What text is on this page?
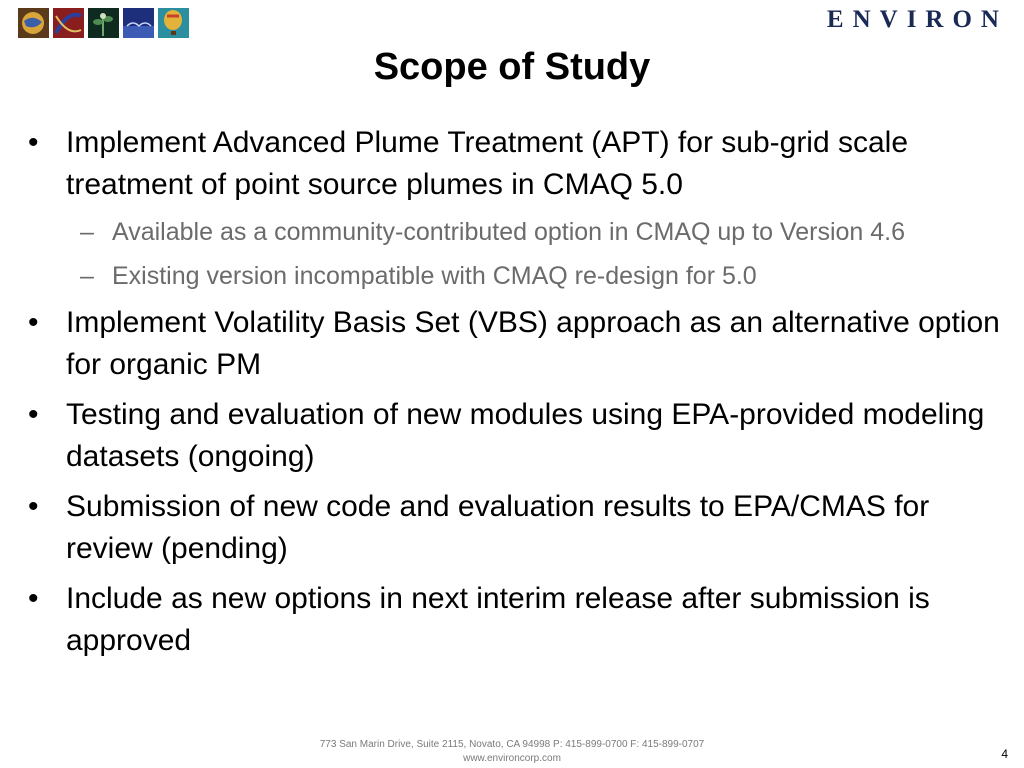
ENVIRON
Scope of Study
• Implement Advanced Plume Treatment (APT) for sub-grid scale treatment of point source plumes in CMAQ 5.0
– Available as a community-contributed option in CMAQ up to Version 4.6
– Existing version incompatible with CMAQ re-design for 5.0
• Implement Volatility Basis Set (VBS) approach as an alternative option for organic PM
• Testing and evaluation of new modules using EPA-provided modeling datasets (ongoing)
• Submission of new code and evaluation results to EPA/CMAS for review (pending)
• Include as new options in next interim release after submission is approved
773 San Marin Drive, Suite 2115, Novato, CA 94998 P: 415-899-0700 F: 415-899-0707
www.environcorp.com	4
